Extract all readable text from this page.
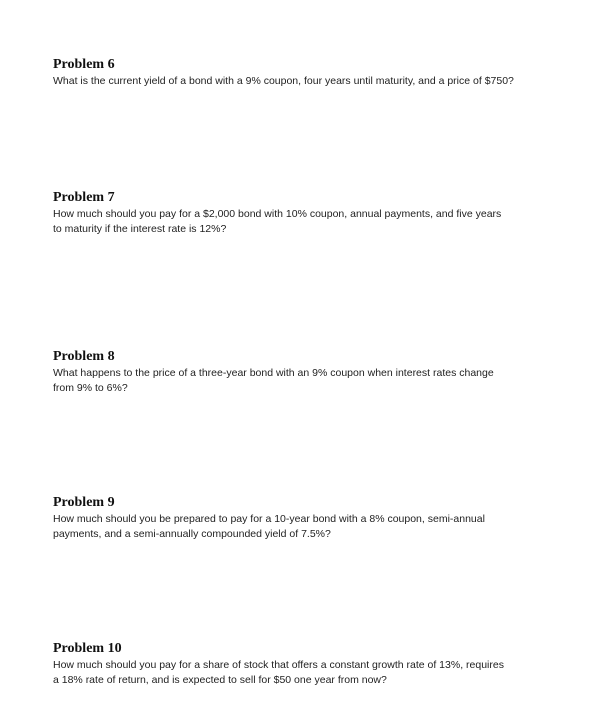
Problem 6
What is the current yield of a bond with a 9% coupon, four years until maturity, and a price of $750?
Problem 7
How much should you pay for a $2,000 bond with 10% coupon, annual payments, and five years
to maturity if the interest rate is 12%?
Problem 8
What happens to the price of a three-year bond with an 9% coupon when interest rates change
from 9% to 6%?
Problem 9
How much should you be prepared to pay for a 10-year bond with a 8% coupon, semi-annual
payments, and a semi-annually compounded yield of 7.5%?
Problem 10
How much should you pay for a share of stock that offers a constant growth rate of 13%, requires
a 18% rate of return, and is expected to sell for $50 one year from now?
